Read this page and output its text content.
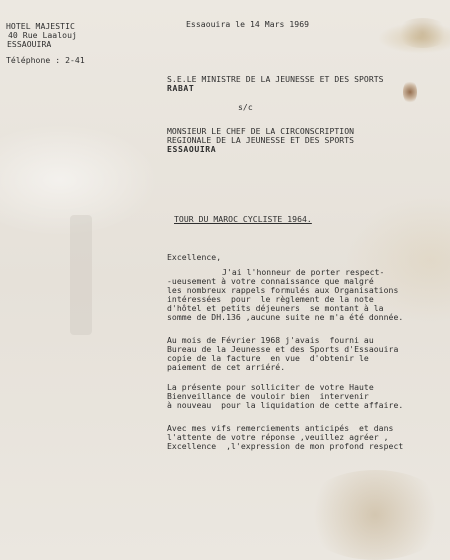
HOTEL MAJESTIC
40 Rue Laalouj
ESSAOUIRA
Téléphone : 2-41
Essaouira le 14 Mars 1969
S.E.LE MINISTRE DE LA JEUNESSE ET DES SPORTS
RABAT
s/c
MONSIEUR LE CHEF DE LA CIRCONSCRIPTION
REGIONALE DE LA JEUNESSE ET DES SPORTS
ESSAOUIRA
TOUR DU MAROC CYCLISTE 1964.
Excellence,
J'ai l'honneur de porter respect-
-ueusement à votre connaissance que malgré
les nombreux rappels formulés aux Organisations
intéressées  pour  le règlement de la note
d'hôtel et petits déjeuners  se montant à la
somme de DH.136 ,aucune suite ne m'a été donnée.
Au mois de Février 1968 j'avais  fourni au
Bureau de la Jeunesse et des Sports d'Essaouira
copie de la facture  en vue  d'obtenir le
paiement de cet arriéré.
La présente pour solliciter de votre Haute
Bienveillance de vouloir bien  intervenir
à nouveau  pour la liquidation de cette affaire.
Avec mes vifs remerciements anticipés  et dans
l'attente de votre réponse ,veuillez agréer ,
Excellence  ,l'expression de mon profond respect
